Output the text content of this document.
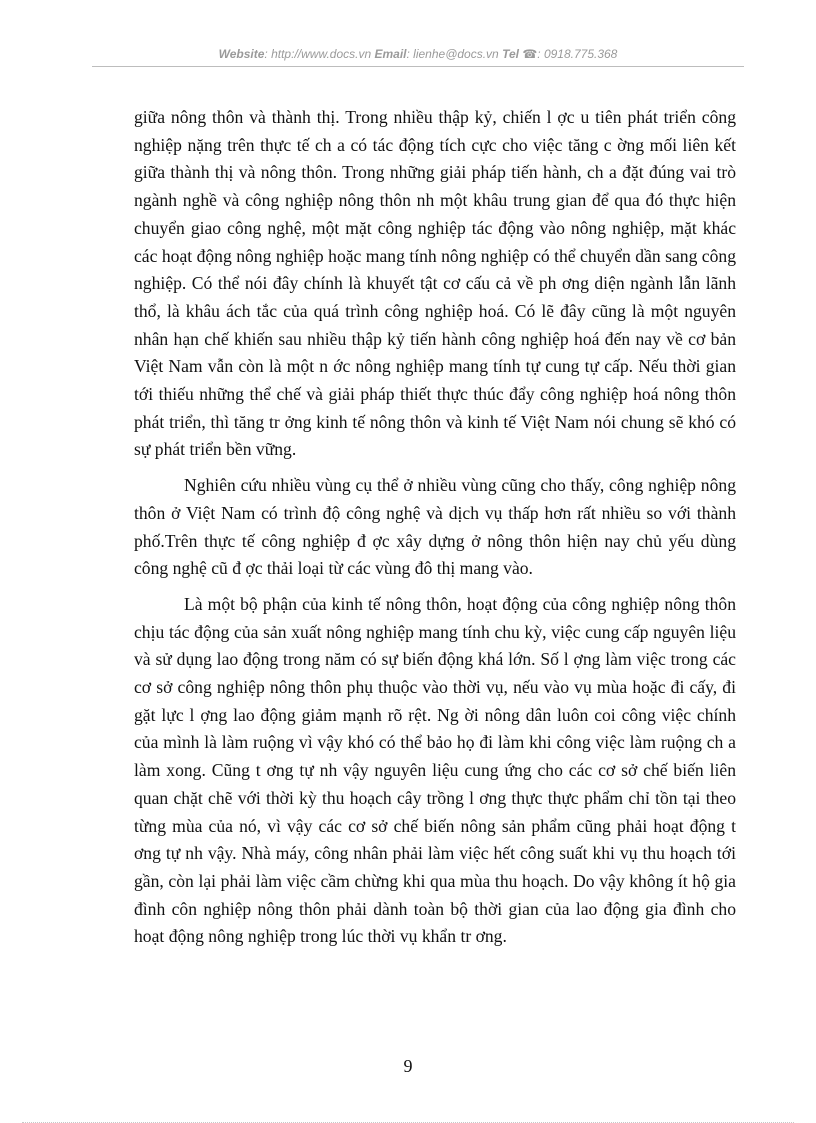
Website: http://www.docs.vn Email: lienhe@docs.vn Tel ☎: 0918.775.368

giữa nông thôn và thành thị. Trong nhiều thập kỷ, chiến l ợc u tiên phát triển công nghiệp nặng trên thực tế ch a có tác động tích cực cho việc tăng c ờng mối liên kết giữa thành thị và nông thôn. Trong những giải pháp tiến hành, ch a đặt đúng vai trò ngành nghề và công nghiệp nông thôn nh một khâu trung gian để qua đó thực hiện chuyển giao công nghệ, một mặt công nghiệp tác động vào nông nghiệp, mặt khác các hoạt động nông nghiệp hoặc mang tính nông nghiệp có thể chuyển dần sang công nghiệp. Có thể nói đây chính là khuyết tật cơ cấu cả về ph ơng diện ngành lẫn lãnh thổ, là khâu ách tắc của quá trình công nghiệp hoá. Có lẽ đây cũng là một nguyên nhân hạn chế khiến sau nhiều thập kỷ tiến hành công nghiệp hoá đến nay về cơ bản Việt Nam vẫn còn là một n ớc nông nghiệp mang tính tự cung tự cấp. Nếu thời gian tới thiếu những thể chế và giải pháp thiết thực thúc đẩy công nghiệp hoá nông thôn phát triển, thì tăng tr ởng kinh tế nông thôn và kinh tế Việt Nam nói chung sẽ khó có sự phát triển bền vững.

Nghiên cứu nhiều vùng cụ thể ở nhiều vùng cũng cho thấy, công nghiệp nông thôn ở Việt Nam có trình độ công nghệ và dịch vụ thấp hơn rất nhiều so với thành phố.Trên thực tế công nghiệp đ ợc xây dựng ở nông thôn hiện nay chủ yếu dùng công nghệ cũ đ ợc thải loại từ các vùng đô thị mang vào.

Là một bộ phận của kinh tế nông thôn, hoạt động của công nghiệp nông thôn chịu tác động của sản xuất nông nghiệp mang tính chu kỳ, việc cung cấp nguyên liệu và sử dụng lao động trong năm có sự biến động khá lớn. Số l ợng làm việc trong các cơ sở công nghiệp nông thôn phụ thuộc vào thời vụ, nếu vào vụ mùa hoặc đi cấy, đi gặt lực l ợng lao động giảm mạnh rõ rệt. Ng ời nông dân luôn coi công việc chính của mình là làm ruộng vì vậy khó có thể bảo họ đi làm khi công việc làm ruộng ch a làm xong. Cũng t ơng tự nh vậy nguyên liệu cung ứng cho các cơ sở chế biến liên quan chặt chẽ với thời kỳ thu hoạch cây trồng l ơng thực thực phẩm chỉ tồn tại theo từng mùa của nó, vì vậy các cơ sở chế biến nông sản phẩm cũng phải hoạt động t ơng tự nh vậy. Nhà máy, công nhân phải làm việc hết công suất khi vụ thu hoạch tới gần, còn lại phải làm việc cầm chừng khi qua mùa thu hoạch. Do vậy không ít hộ gia đình côn nghiệp nông thôn phải dành toàn bộ thời gian của lao động gia đình cho hoạt động nông nghiệp trong lúc thời vụ khẩn tr ơng.

9
